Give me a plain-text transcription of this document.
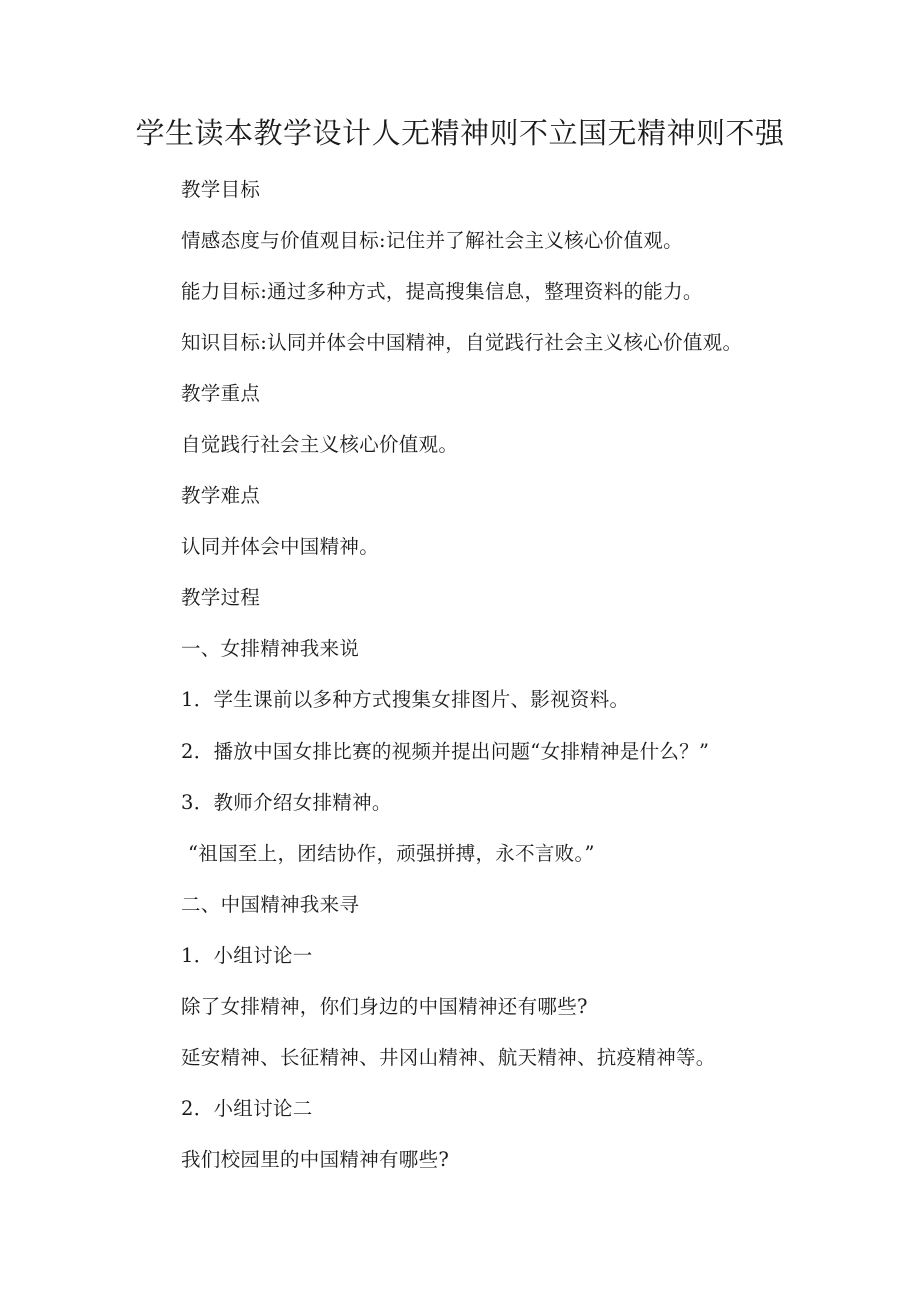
学生读本教学设计人无精神则不立国无精神则不强
教学目标
情感态度与价值观目标:记住并了解社会主义核心价值观。
能力目标:通过多种方式，提高搜集信息，整理资料的能力。
知识目标:认同并体会中国精神，自觉践行社会主义核心价值观。
教学重点
自觉践行社会主义核心价值观。
教学难点
认同并体会中国精神。
教学过程
一、女排精神我来说
1．学生课前以多种方式搜集女排图片、影视资料。
2．播放中国女排比赛的视频并提出问题“女排精神是什么？”
3．教师介绍女排精神。
“祖国至上，团结协作，顽强拼搏，永不言败。”
二、中国精神我来寻
1．小组讨论一
除了女排精神，你们身边的中国精神还有哪些?
延安精神、长征精神、井冈山精神、航天精神、抗疫精神等。
2．小组讨论二
我们校园里的中国精神有哪些?
